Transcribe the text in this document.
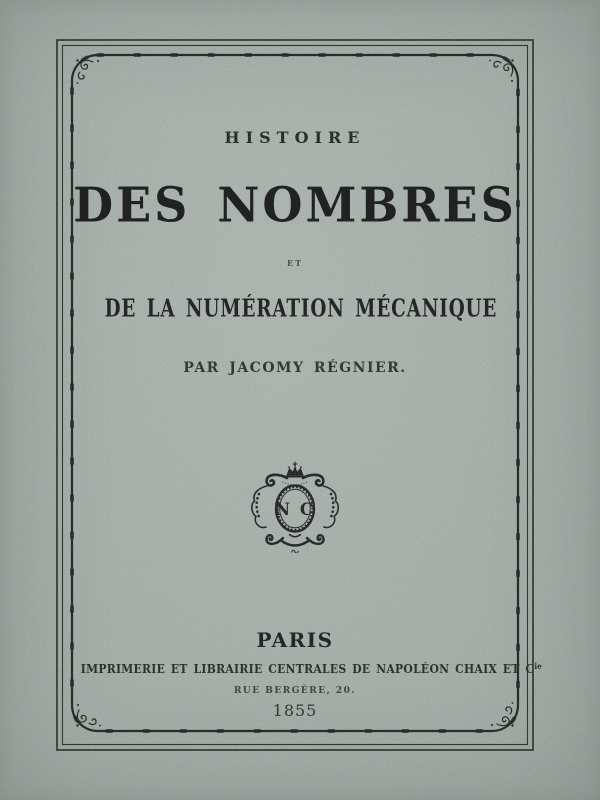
HISTOIRE
DES NOMBRES
ET
DE LA NUMÉRATION MÉCANIQUE
PAR JACOMY RÉGNIER.
N C
PARIS
IMPRIMERIE ET LIBRAIRIE CENTRALES DE NAPOLÉON CHAIX ET $C^{ie}$
RUE BERGÈRE, 20.
1855
